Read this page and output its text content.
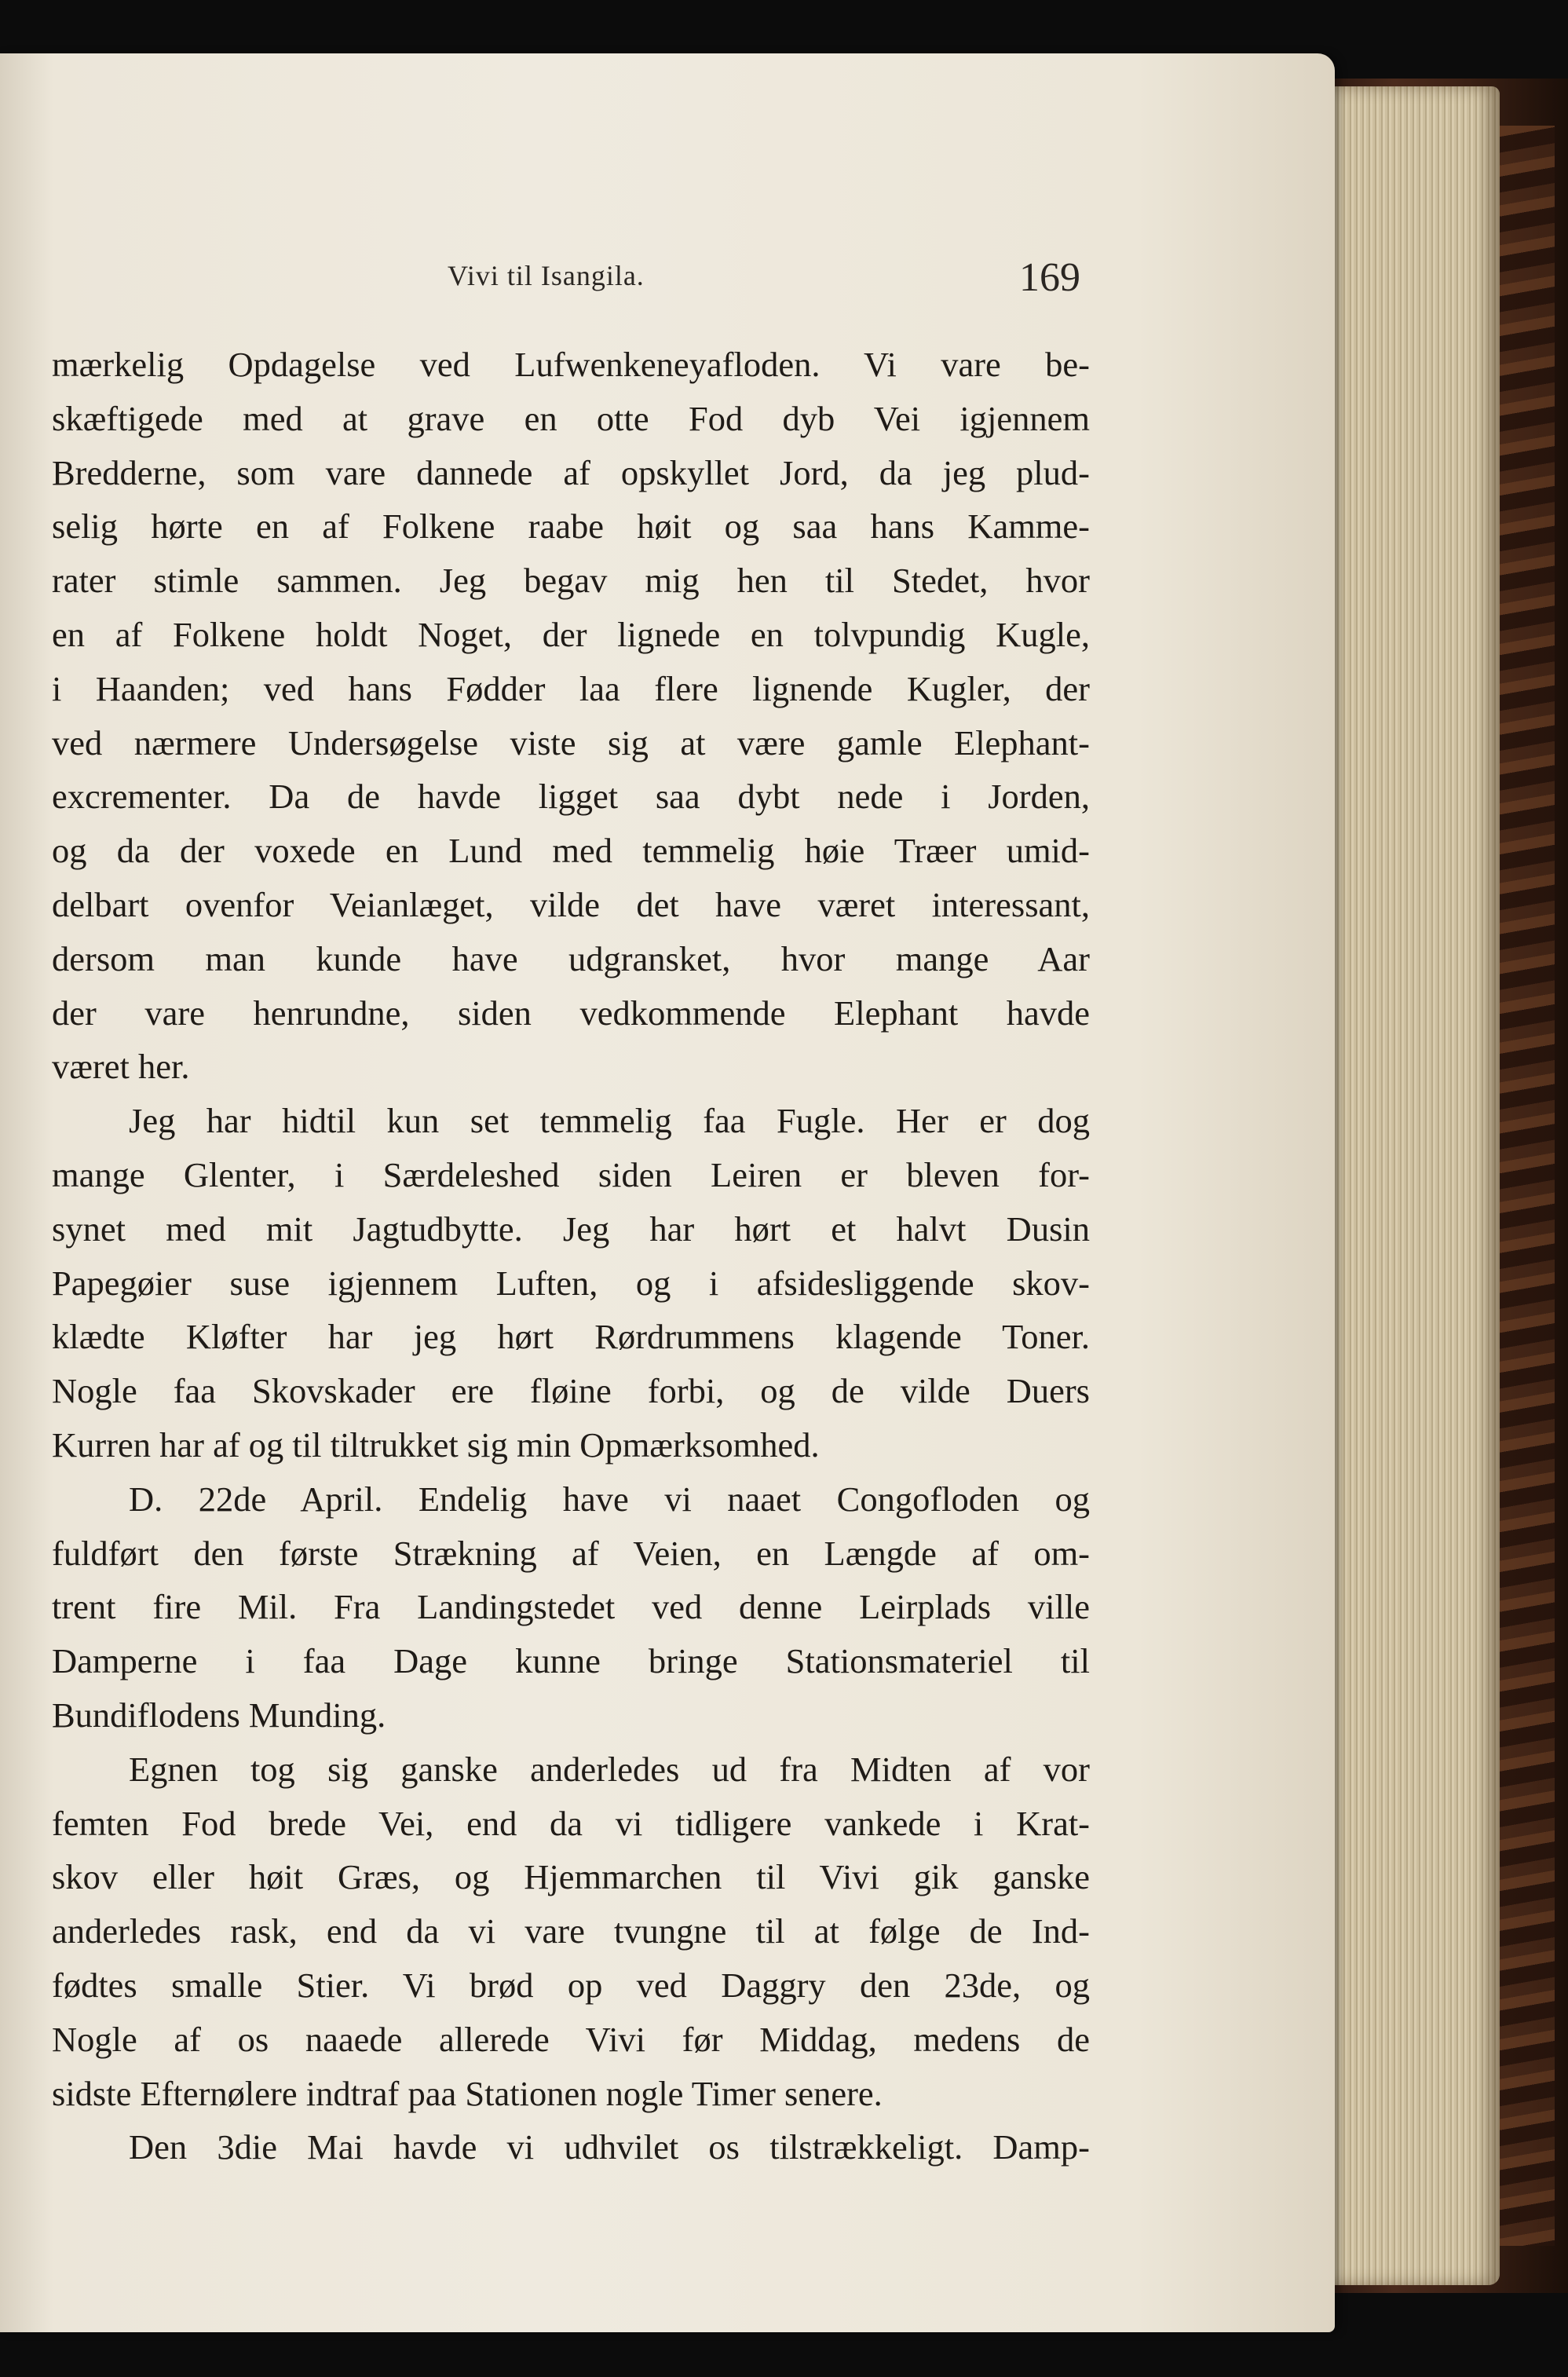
Vivi til Isangila.	169
mærkelig Opdagelse ved Lufwenkeneyafloden. Vi vare be-
skæftigede med at grave en otte Fod dyb Vei igjennem
Bredderne, som vare dannede af opskyllet Jord, da jeg plud-
selig hørte en af Folkene raabe høit og saa hans Kamme-
rater stimle sammen. Jeg begav mig hen til Stedet, hvor
en af Folkene holdt Noget, der lignede en tolvpundig Kugle,
i Haanden; ved hans Fødder laa flere lignende Kugler, der
ved nærmere Undersøgelse viste sig at være gamle Elephant-
excrementer. Da de havde ligget saa dybt nede i Jorden,
og da der voxede en Lund med temmelig høie Træer umid-
delbart ovenfor Veianlæget, vilde det have været interessant,
dersom man kunde have udgransket, hvor mange Aar
der vare henrundne, siden vedkommende Elephant havde
været her.
Jeg har hidtil kun set temmelig faa Fugle. Her er dog
mange Glenter, i Særdeleshed siden Leiren er bleven for-
synet med mit Jagtudbytte. Jeg har hørt et halvt Dusin
Papegøier suse igjennem Luften, og i afsidesliggende skov-
klædte Kløfter har jeg hørt Rørdrummens klagende Toner.
Nogle faa Skovskader ere fløine forbi, og de vilde Duers
Kurren har af og til tiltrukket sig min Opmærksomhed.
D. 22de April. Endelig have vi naaet Congofloden og
fuldført den første Strækning af Veien, en Længde af om-
trent fire Mil. Fra Landingstedet ved denne Leirplads ville
Damperne i faa Dage kunne bringe Stationsmateriel til
Bundiflodens Munding.
Egnen tog sig ganske anderledes ud fra Midten af vor
femten Fod brede Vei, end da vi tidligere vankede i Krat-
skov eller høit Græs, og Hjemmarchen til Vivi gik ganske
anderledes rask, end da vi vare tvungne til at følge de Ind-
fødtes smalle Stier. Vi brød op ved Daggry den 23de, og
Nogle af os naaede allerede Vivi før Middag, medens de
sidste Efternølere indtraf paa Stationen nogle Timer senere.
Den 3die Mai havde vi udhvilet os tilstrækkeligt. Damp-
